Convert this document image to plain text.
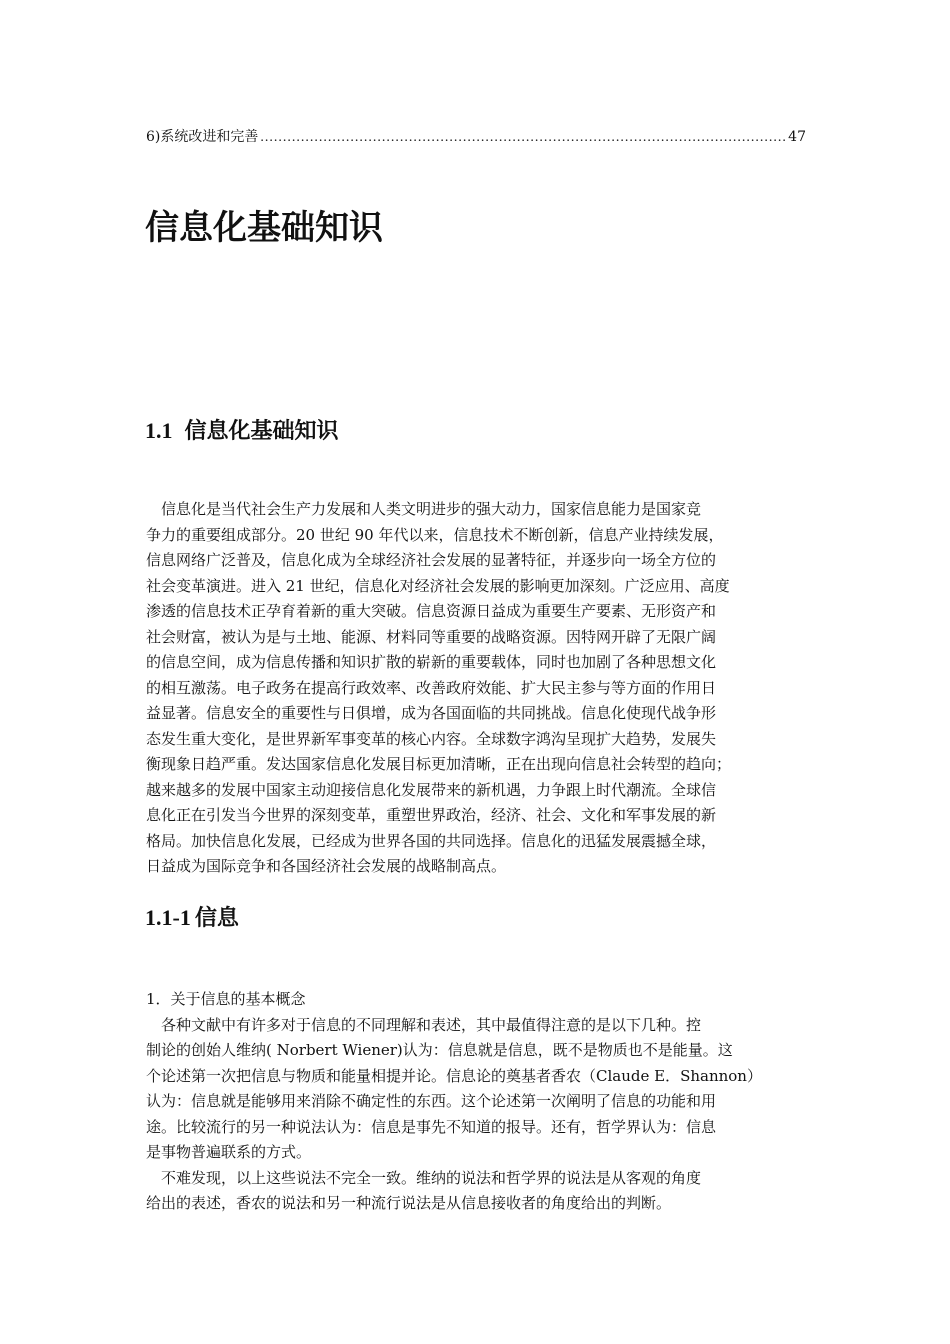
6)系统改进和完善
.....	47
信息化基础知识
1.1 信息化基础知识
信息化是当代社会生产力发展和人类文明进步的强大动力，国家信息能力是国家竞
争力的重要组成部分。20 世纪 90 年代以来，信息技术不断创新，信息产业持续发展，
信息网络广泛普及，信息化成为全球经济社会发展的显著特征，并逐步向一场全方位的
社会变革演进。进入 21 世纪，信息化对经济社会发展的影响更加深刻。广泛应用、高度
渗透的信息技术正孕育着新的重大突破。信息资源日益成为重要生产要素、无形资产和
社会财富，被认为是与土地、能源、材料同等重要的战略资源。因特网开辟了无限广阔
的信息空间，成为信息传播和知识扩散的崭新的重要载体，同时也加剧了各种思想文化
的相互激荡。电子政务在提高行政效率、改善政府效能、扩大民主参与等方面的作用日
益显著。信息安全的重要性与日俱增，成为各国面临的共同挑战。信息化使现代战争形
态发生重大变化，是世界新军事变革的核心内容。全球数字鸿沟呈现扩大趋势，发展失
衡现象日趋严重。发达国家信息化发展目标更加清晰，正在出现向信息社会转型的趋向；
越来越多的发展中国家主动迎接信息化发展带来的新机遇，力争跟上时代潮流。全球信
息化正在引发当今世界的深刻变革，重塑世界政治，经济、社会、文化和军事发展的新
格局。加快信息化发展，已经成为世界各国的共同选择。信息化的迅猛发展震撼全球，
日益成为国际竞争和各国经济社会发展的战略制高点。
1.1-1 信息
1．关于信息的基本概念
各种文献中有许多对于信息的不同理解和表述，其中最值得注意的是以下几种。控
制论的创始人维纳( Norbert Wiener)认为：信息就是信息，既不是物质也不是能量。这
个论述第一次把信息与物质和能量相提并论。信息论的奠基者香农（Claude E．Shannon）
认为：信息就是能够用来消除不确定性的东西。这个论述第一次阐明了信息的功能和用
途。比较流行的另一种说法认为：信息是事先不知道的报导。还有，哲学界认为：信息
是事物普遍联系的方式。
不难发现，以上这些说法不完全一致。维纳的说法和哲学界的说法是从客观的角度
给出的表述，香农的说法和另一种流行说法是从信息接收者的角度给出的判断。
